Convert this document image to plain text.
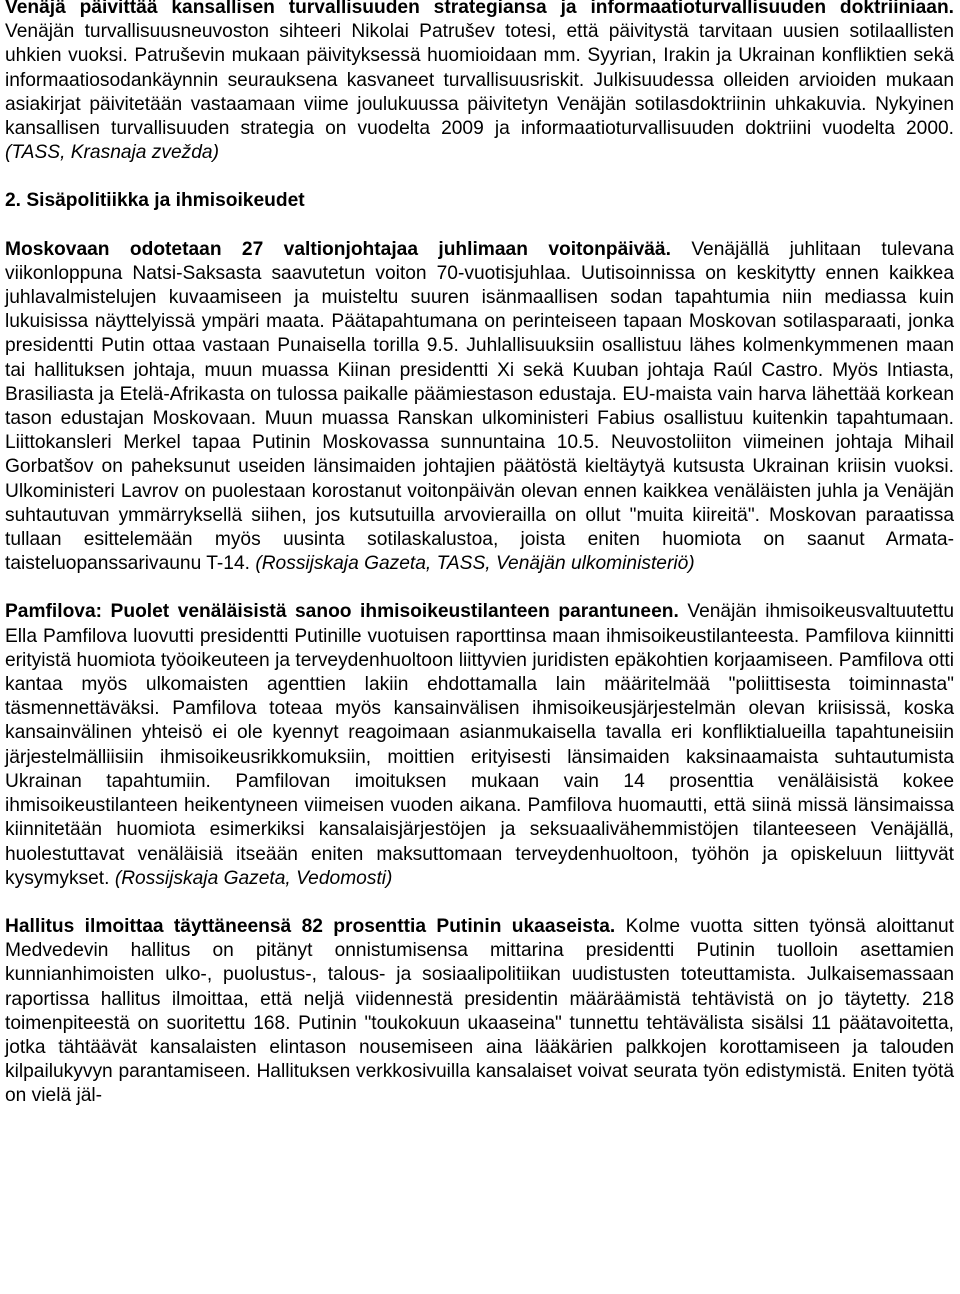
Venäjä päivittää kansallisen turvallisuuden strategiansa ja informaatioturvallisuuden doktriiniaan. Venäjän turvallisuusneuvoston sihteeri Nikolai Patrušev totesi, että päivitystä tarvitaan uusien sotilaallisten uhkien vuoksi. Patruševin mukaan päivityksessä huomioidaan mm. Syyrian, Irakin ja Ukrainan konfliktien sekä informaatiosodankäynnin seurauksena kasvaneet turvallisuusriskit. Julkisuudessa olleiden arvioiden mukaan asiakirjat päivitetään vastaamaan viime joulukuussa päivitetyn Venäjän sotilasdoktriinin uhkakuvia. Nykyinen kansallisen turvallisuuden strategia on vuodelta 2009 ja informaatioturvallisuuden doktriini vuodelta 2000. (TASS, Krasnaja zvežda)

2. Sisäpolitiikka ja ihmisoikeudet

Moskovaan odotetaan 27 valtionjohtajaa juhlimaan voitonpäivää. Venäjällä juhlitaan tulevana viikonloppuna Natsi-Saksasta saavutetun voiton 70-vuotisjuhlaa. Uutisoinnissa on keskitytty ennen kaikkea juhlavalmistelujen kuvaamiseen ja muisteltu suuren isänmaallisen sodan tapahtumia niin mediassa kuin lukuisissa näyttelyissä ympäri maata. Päätapahtumana on perinteiseen tapaan Moskovan sotilasparaati, jonka presidentti Putin ottaa vastaan Punaisella torilla 9.5. Juhlallisuuksiin osallistuu lähes kolmenkymmenen maan tai hallituksen johtaja, muun muassa Kiinan presidentti Xi sekä Kuuban johtaja Raúl Castro. Myös Intiasta, Brasiliasta ja Etelä-Afrikasta on tulossa paikalle päämiestason edustaja. EU-maista vain harva lähettää korkean tason edustajan Moskovaan. Muun muassa Ranskan ulkoministeri Fabius osallistuu kuitenkin tapahtumaan. Liittokansleri Merkel tapaa Putinin Moskovassa sunnuntaina 10.5. Neuvostoliiton viimeinen johtaja Mihail Gorbatšov on paheksunut useiden länsimaiden johtajien päätöstä kieltäytyä kutsusta Ukrainan kriisin vuoksi. Ulkoministeri Lavrov on puolestaan korostanut voitonpäivän olevan ennen kaikkea venäläisten juhla ja Venäjän suhtautuvan ymmärryksellä siihen, jos kutsutuilla arvovierailla on ollut "muita kiireitä". Moskovan paraatissa tullaan esittelemään myös uusinta sotilaskalustoa, joista eniten huomiota on saanut Armata-taisteluopanssarivaunu T-14. (Rossijskaja Gazeta, TASS, Venäjän ulkoministeriö)

Pamfilova: Puolet venäläisistä sanoo ihmisoikeustilanteen parantuneen. Venäjän ihmisoikeusvaltuutettu Ella Pamfilova luovutti presidentti Putinille vuotuisen raporttinsa maan ihmisoikeustilanteesta. Pamfilova kiinnitti erityistä huomiota työoikeuteen ja terveydenhuoltoon liittyvien juridisten epäkohtien korjaamiseen. Pamfilova otti kantaa myös ulkomaisten agenttien lakiin ehdottamalla lain määritelmää "poliittisesta toiminnasta" täsmennettäväksi. Pamfilova toteaa myös kansainvälisen ihmisoikeusjärjestelmän olevan kriisissä, koska kansainvälinen yhteisö ei ole kyennyt reagoimaan asianmukaisella tavalla eri konfliktialueilla tapahtuneisiin järjestelmälliisiin ihmisoikeusrikkomuksiin, moittien erityisesti länsimaiden kaksinaamaista suhtautumista Ukrainan tapahtumiin. Pamfilovan imoituksen mukaan vain 14 prosenttia venäläisistä kokee ihmisoikeustilanteen heikentyneen viimeisen vuoden aikana. Pamfilova huomautti, että siinä missä länsimaissa kiinnitetään huomiota esimerkiksi kansalaisjärjestöjen ja seksuaalivähemmistöjen tilanteeseen Venäjällä, huolestuttavat venäläisiä itseään eniten maksuttomaan terveydenhuoltoon, työhön ja opiskeluun liittyvät kysymykset. (Rossijskaja Gazeta, Vedomosti)

Hallitus ilmoittaa täyttäneensä 82 prosenttia Putinin ukaaseista. Kolme vuotta sitten työnsä aloittanut Medvedevin hallitus on pitänyt onnistumisensa mittarina presidentti Putinin tuolloin asettamien kunnianhimoisten ulko-, puolustus-, talous- ja sosiaalipolitiikan uudistusten toteuttamista. Julkaisemassaan raportissa hallitus ilmoittaa, että neljä viidennestä presidentin määräämistä tehtävistä on jo täytetty. 218 toimenpiteestä on suoritettu 168. Putinin "toukokuun ukaaseina" tunnettu tehtävälista sisälsi 11 päätavoitetta, jotka tähtäävät kansalaisten elintason nousemiseen aina lääkärien palkkojen korottamiseen ja talouden kilpailukyvyn parantamiseen. Hallituksen verkkosivuilla kansalaiset voivat seurata työn edistymistä. Eniten työtä on vielä jäl-
